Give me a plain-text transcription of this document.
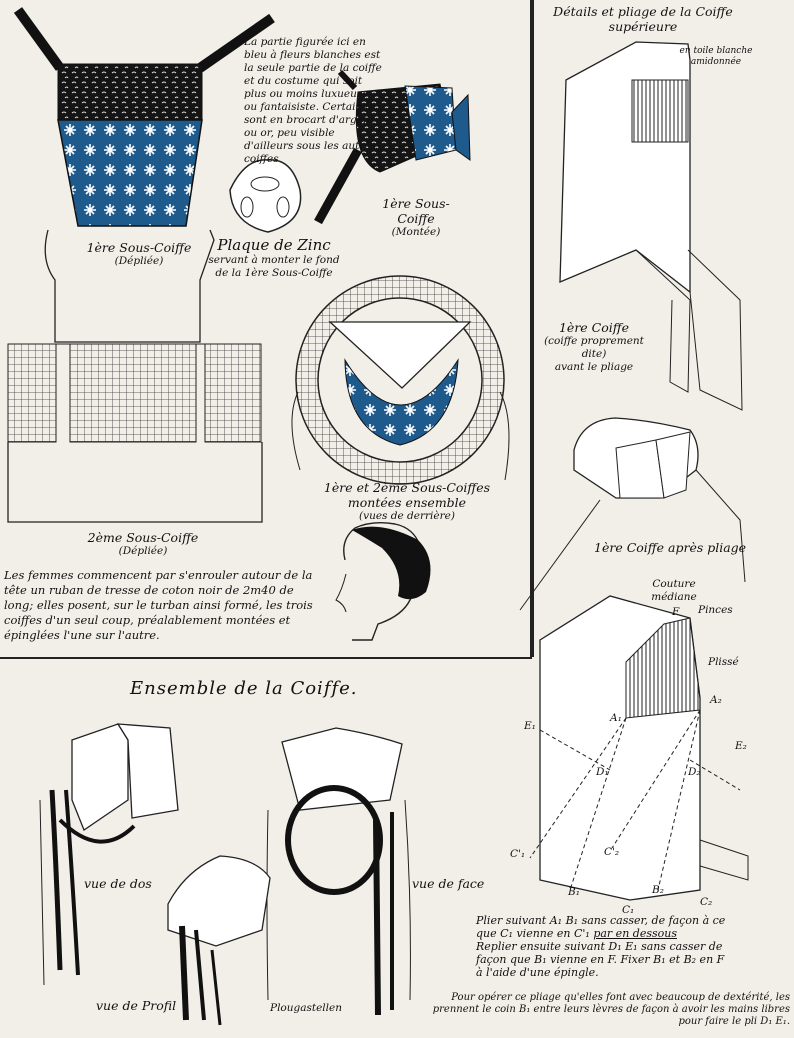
La partie figurée ici en bleu à fleurs blanches est la seule partie de la coiffe et du costume qui soit plus ou moins luxueuse ou fantaisiste. Certaines sont en brocart d'argent ou or, peu visible d'ailleurs sous les autres coiffes
1ère Sous-Coiffe
(Dépliée)
1ère Sous-Coiffe
(Montée)
Plaque de Zinc
servant à monter le fond de la 1ère Sous-Coiffe
1ère et 2ème Sous-Coiffes
montées ensemble
(vues de derrière)
2ème Sous-Coiffe
(Dépliée)
Les femmes commencent par s'enrouler autour de la tête un ruban de tresse de coton noir de 2m40 de long; elles posent, sur le turban ainsi formé, les trois coiffes d'un seul coup, préalablement montées et épinglées l'une sur l'autre.
Détails et pliage de la Coiffe
supérieure
en toile blanche amidonnée
1ère Coiffe
(coiffe proprement dite)
avant le pliage
1ère Coiffe après pliage
Couture médiane
Pinces
Plissé
F
A₁
A₂
E₁
E₂
D₁	D₂
C'₁	C'₂
B₁	B₂
C₁
C₂
Ensemble de la Coiffe.
vue de dos	vue de face
vue de Profil	Plougastellen
Plier suivant A₁ B₁ sans casser, de façon à ce
que C₁ vienne en C'₁ par en dessous
Replier ensuite suivant D₁ E₁ sans casser de
façon que B₁ vienne en F. Fixer B₁ et B₂ en F
à l'aide d'une épingle.
Pour opérer ce pliage qu'elles font avec beaucoup de dextérité, les
prennent le coin B₁ entre leurs lèvres de façon à avoir les mains libres
pour faire le pli D₁ E₁.
